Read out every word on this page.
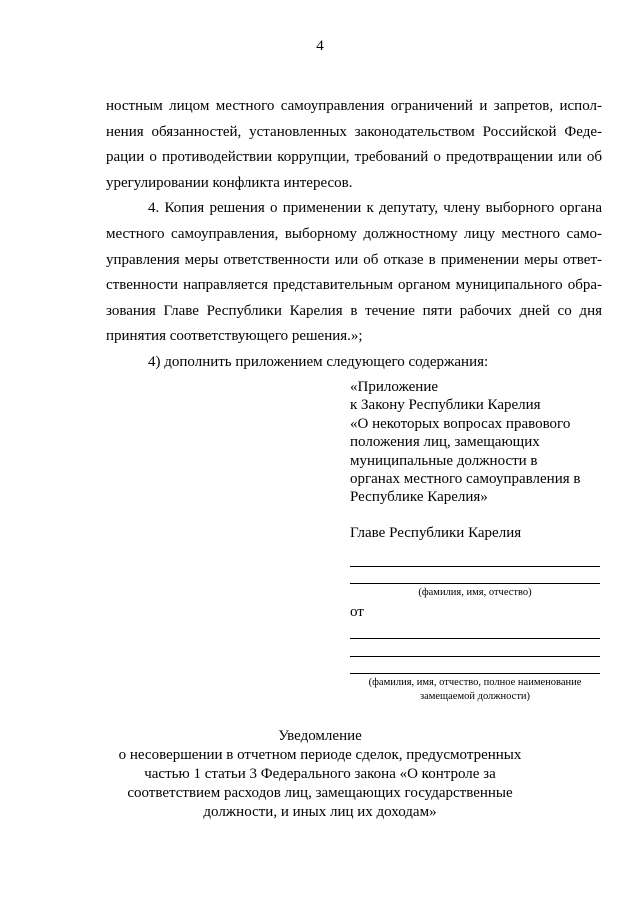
4
ностным лицом местного самоуправления ограничений и запретов, испол-
нения обязанностей, установленных законодательством Российской Феде-
рации о противодействии коррупции, требований о предотвращении или об
урегулировании конфликта интересов.
4. Копия решения о применении к депутату, члену выборного органа
местного самоуправления, выборному должностному лицу местного само-
управления меры ответственности или об отказе в применении меры ответ-
ственности направляется представительным органом муниципального обра-
зования Главе Республики Карелия в течение пяти рабочих дней со дня
принятия соответствующего решения.»;
4) дополнить приложением следующего содержания:
«Приложение
к Закону Республики Карелия
«О некоторых вопросах правового
положения лиц, замещающих
муниципальные должности в
органах местного самоуправления в
Республике Карелия»
Главе Республики Карелия
(фамилия, имя, отчество)
от
(фамилия, имя, отчество, полное наименование
замещаемой должности)
Уведомление
о несовершении в отчетном периоде сделок, предусмотренных
частью 1 статьи 3 Федерального закона «О контроле за
соответствием расходов лиц, замещающих государственные
должности, и иных лиц их доходам»
